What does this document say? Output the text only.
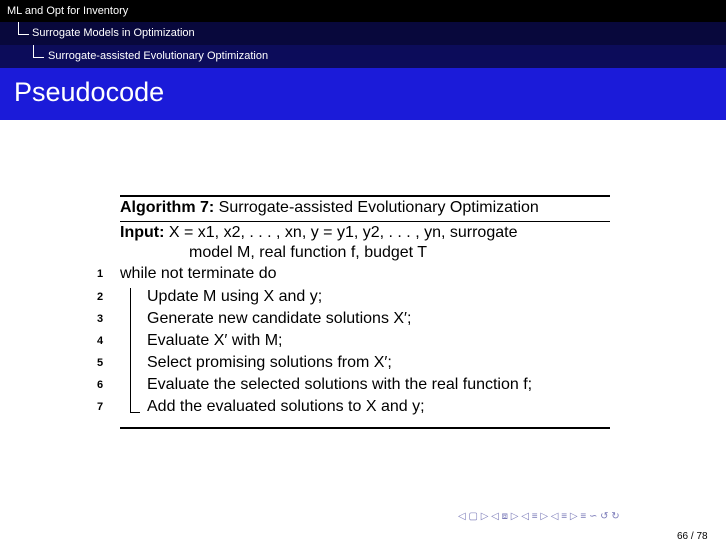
ML and Opt for Inventory
Surrogate Models in Optimization
Surrogate-assisted Evolutionary Optimization
Pseudocode
Algorithm 7: Surrogate-assisted Evolutionary Optimization
Input: X = x1, x2, . . . , xn, y = y1, y2, . . . , yn, surrogate
model M, real function f, budget T
1	while not terminate do
2	Update M using X and y;
3	Generate new candidate solutions X′;
4	Evaluate X′ with M;
5	Select promising solutions from X′;
6	Evaluate the selected solutions with the real function f;
7	Add the evaluated solutions to X and y;
◁ ▢ ▷ ◁ ⧈ ▷ ◁ ≡ ▷ ◁ ≡ ▷ ≡ ∽ ↺ ↻
66 / 78
